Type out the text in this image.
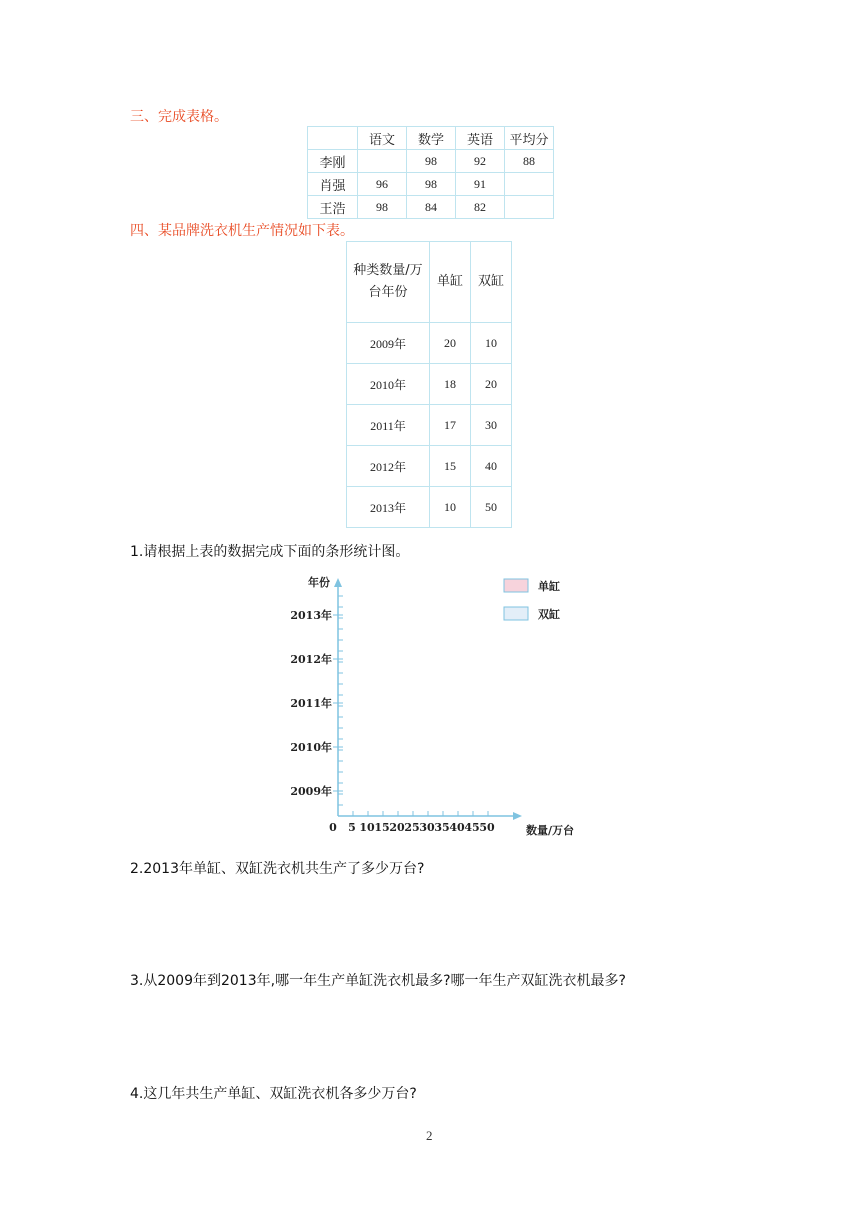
三、完成表格。
	语文	数学	英语	平均分
李刚		98	92	88
肖强	96	98	91	
王浩	98	84	82	
四、某品牌洗衣机生产情况如下表。
种类数量/万
台年份	单缸	双缸
2009年	20	10
2010年	18	20
2011年	17	30
2012年	15	40
2013年	10	50
1.请根据上表的数据完成下面的条形统计图。
0 5 10 15 20 25 30 35 40 45 50	数量/万台
2009年
2010年
2011年
2012年
2013年
年份	单缸
双缸
2.2013年单缸、双缸洗衣机共生产了多少万台?
3.从2009年到2013年,哪一年生产单缸洗衣机最多?哪一年生产双缸洗衣机最多?
4.这几年共生产单缸、双缸洗衣机各多少万台?
2
